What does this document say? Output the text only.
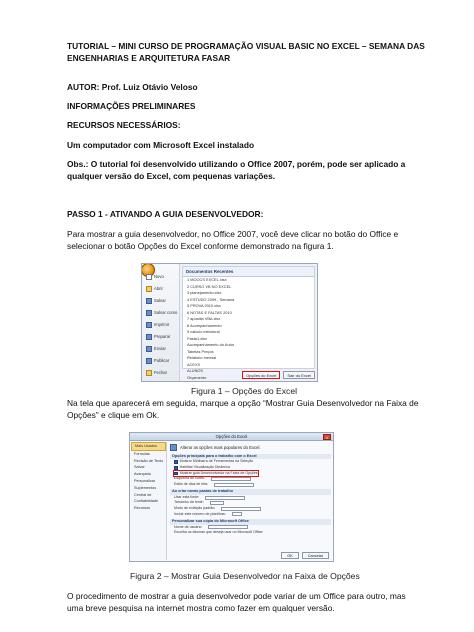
TUTORIAL – MINI CURSO DE PROGRAMAÇÃO VISUAL BASIC NO EXCEL – SEMANA DAS
ENGENHARIAS E ARQUITETURA FASAR
AUTOR: Prof. Luiz Otávio Veloso
INFORMAÇÕES PRELIMINARES
RECURSOS NECESSÁRIOS:
Um computador com Microsoft Excel instalado
Obs.: O tutorial foi desenvolvido utilizando o Office 2007, porém, pode ser aplicado a
qualquer versão do Excel, com pequenas variações.
PASSO 1 - ATIVANDO A GUIA DESENVOLVEDOR:
Para mostrar a guia desenvolvedor, no Office 2007, você deve clicar no botão do Office e
selecionar o botão Opções do Excel conforme demonstrado na figura 1.
Novo
Abrir
Salvar
Salvar como
Imprimir
Preparar
Enviar
Publicar
Fechar
Documentos Recentes
1 MOOCS EXCEL.xlsx
2 CURSO VB NO EXCEL
3 planejamento.xlsx
4 ESTUDO 2009 - Semana
5 PROVA 2010.xlsx
6 NOTAS E FALTAS 2010
7 apostila VBA.xlsx
8 Acompanhamento
9 calculo estrutural
Pasta1.xlsx
Acompanhamento do Autor
Tabelas Preços
Relatório mensal
ACEXX
ALUNOS
Orçamento	Opções do Excel	Sair do Excel
Figura 1 – Opções do Excel
Na tela que aparecerá em seguida, marque a opção “Mostrar Guia Desenvolvedor na Faixa de
Opções” e clique em Ok.
Opções do Excel	×
Mais Usados
Fórmulas
Revisão de Texto
Salvar
Avançado
Personalizar
Suplementos
Central de Confiabilidade
Recursos
Alterar as opções mais populares do Excel.
Opções principais para o trabalho com o Excel
Mostrar Minibarra de Ferramentas na Seleção
Habilitar Visualização Dinâmica
Mostrar guia Desenvolvedor na Faixa de Opções
Esquema de cores:
Estilo de dica de tela:
Ao criar novas pastas de trabalho
Usar esta fonte:
Tamanho da fonte:
Modo de exibição padrão:
Incluir este número de planilhas:
Personalizar sua cópia do Microsoft Office
Nome de usuário:
Escolha os idiomas que deseja usar no Microsoft Office:
OK	Cancelar
Figura 2 – Mostrar Guia Desenvolvedor na Faixa de Opções
O procedimento de mostrar a guia desenvolvedor pode variar de um Office para outro, mas
uma breve pesquisa na internet mostra como fazer em qualquer versão.
